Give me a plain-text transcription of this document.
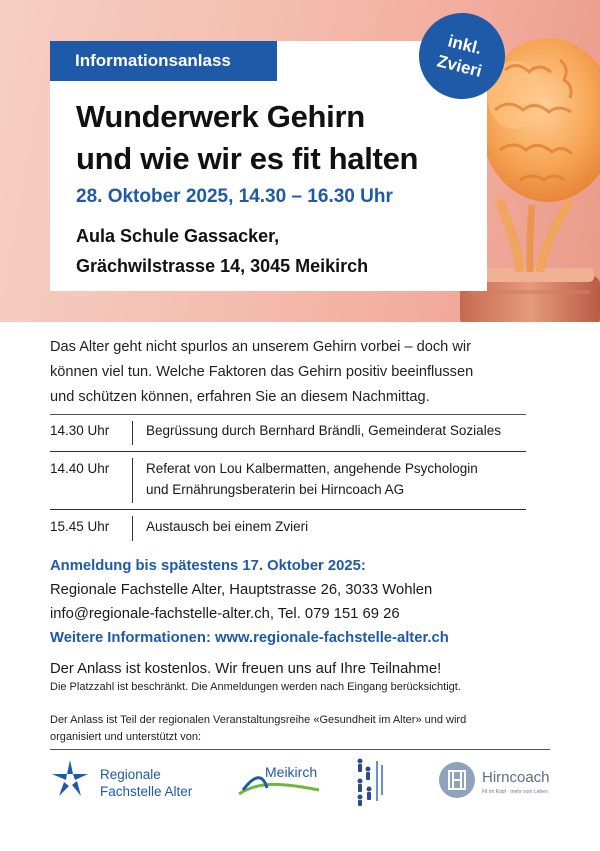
Informationsanlass
Wunderwerk Gehirn
und wie wir es fit halten
28. Oktober 2025, 14.30 – 16.30 Uhr
Aula Schule Gassacker,
Grächwilstrasse 14, 3045 Meikirch
inkl.
Zvieri
Das Alter geht nicht spurlos an unserem Gehirn vorbei – doch wir
können viel tun. Welche Faktoren das Gehirn positiv beeinflussen
und schützen können, erfahren Sie an diesem Nachmittag.
14.30 Uhr	Begrüssung durch Bernhard Brändli, Gemeinderat Soziales
14.40 Uhr	Referat von Lou Kalbermatten, angehende Psychologin
und Ernährungsberaterin bei Hirncoach AG
15.45 Uhr	Austausch bei einem Zvieri
Anmeldung bis spätestens 17. Oktober 2025:
Regionale Fachstelle Alter, Hauptstrasse 26, 3033 Wohlen
info@regionale-fachstelle-alter.ch, Tel. 079 151 69 26
Weitere Informationen: www.regionale-fachstelle-alter.ch
Der Anlass ist kostenlos. Wir freuen uns auf Ihre Teilnahme!
Die Platzzahl ist beschränkt. Die Anmeldungen werden nach Eingang berücksichtigt.
Der Anlass ist Teil der regionalen Veranstaltungsreihe «Gesundheit im Alter» und wird
organisiert und unterstützt von:
Regionale
Fachstelle Alter
Meikirch	Hirncoach
Fit im Kopf · mehr vom Leben
